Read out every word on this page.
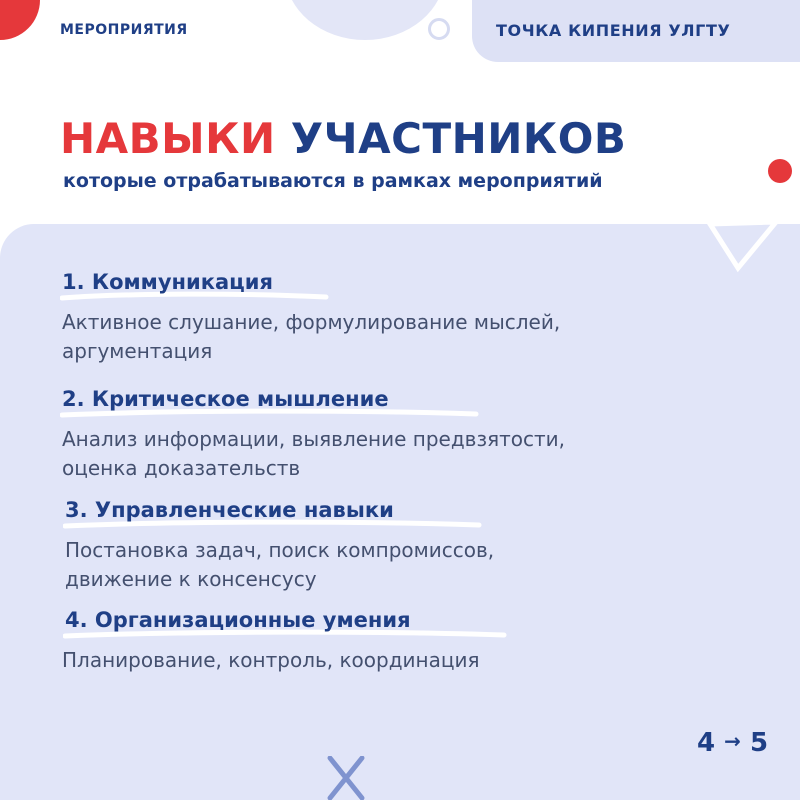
МЕРОПРИЯТИЯ	ТОЧКА КИПЕНИЯ УЛГТУ
НАВЫКИ УЧАСТНИКОВ
которые отрабатываются в рамках мероприятий
1. Коммуникация
Активное слушание, формулирование мыслей,
аргументация
2. Критическое мышление
Анализ информации, выявление предвзятости,
оценка доказательств
3. Управленческие навыки
Постановка задач, поиск компромиссов,
движение к консенсусу
4. Организационные умения
Планирование, контроль, координация
4 → 5
